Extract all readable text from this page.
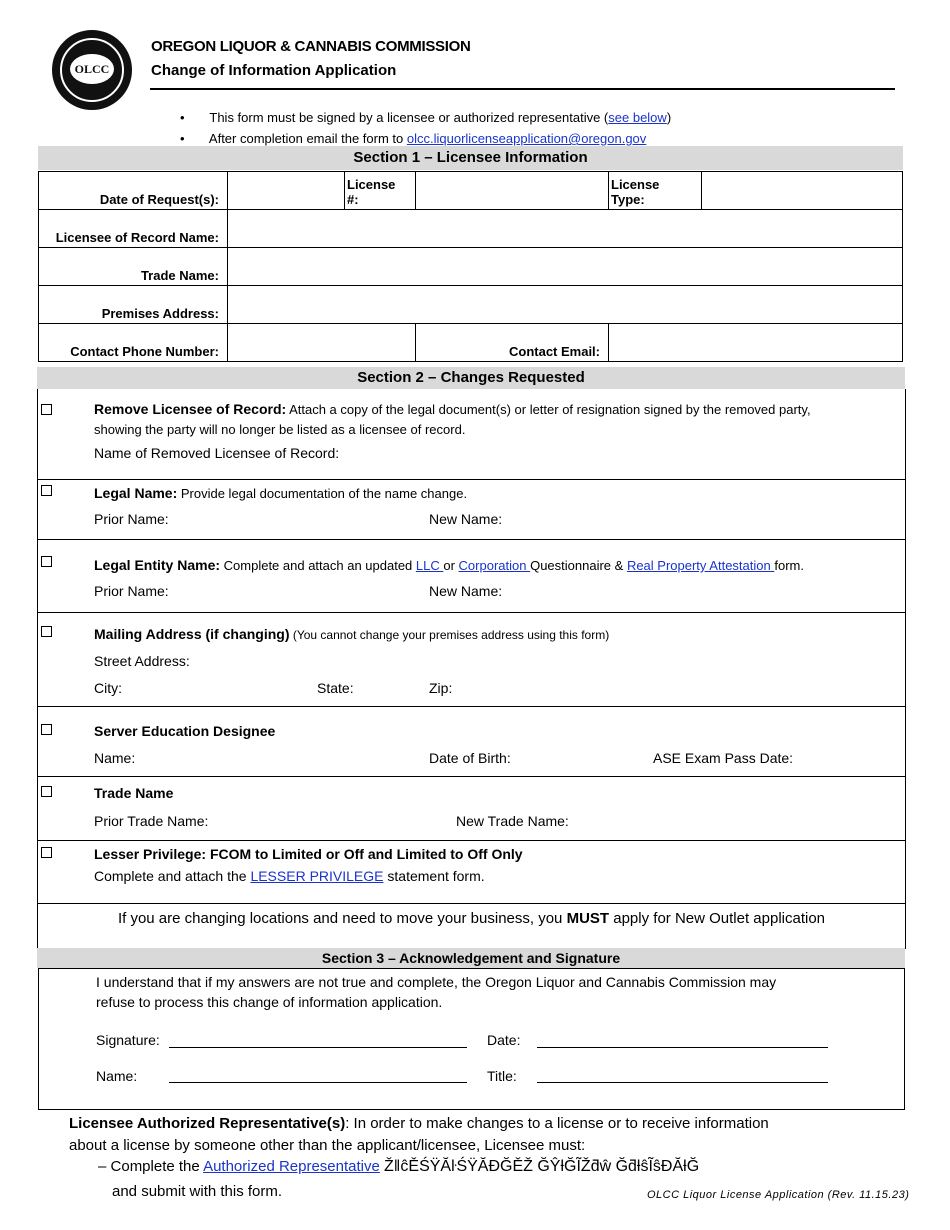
OLCC
OREGON LIQUOR & CANNABIS COMMISSION
Change of Information Application
• This form must be signed by a licensee or authorized representative (see below)
• After completion email the form to olcc.liquorlicenseapplication@oregon.gov
Section 1 – Licensee Information
Date of Request(s):		License #:		License Type:	
Licensee of Record Name:					
Trade Name:					
Premises Address:					
Contact Phone Number:			Contact Email:		
Section 2 – Changes Requested
Remove Licensee of Record: Attach a copy of the legal document(s) or letter of resignation signed by the removed party,
showing the party will no longer be listed as a licensee of record.
Name of Removed Licensee of Record:
Legal Name: Provide legal documentation of the name change.
Prior Name:	New Name:
Legal Entity Name: Complete and attach an updated LLC or Corporation Questionnaire & Real Property Attestation form.
Prior Name:	New Name:
Mailing Address (if changing) (You cannot change your premises address using this form)
Street Address:
City:	State:	Zip:
Server Education Designee
Name:	Date of Birth:	ASE Exam Pass Date:
Trade Name
Prior Trade Name:	New Trade Name:
Lesser Privilege: FCOM to Limited or Off and Limited to Off Only
Complete and attach the LESSER PRIVILEGE statement form.
If you are changing locations and need to move your business, you MUST apply for New Outlet application
Section 3 – Acknowledgement and Signature
I understand that if my answers are not true and complete, the Oregon Liquor and Cannabis Commission may
refuse to process this change of information application.
Signature:	Date:
Name:	Title:
Licensee Authorized Representative(s): In order to make changes to a license or to receive information
about a license by someone other than the applicant/licensee, Licensee must:
– Complete the Authorized Representative ŽǁĉĚŚŸĂŀŚŸĂĐĞĚŽ ĞŶƚĞĨŽƌŵ ĞƌƚŝĨŝĐĂƚĞ
and submit with this form.	OLCC Liquor License Application (Rev. 11.15.23)
